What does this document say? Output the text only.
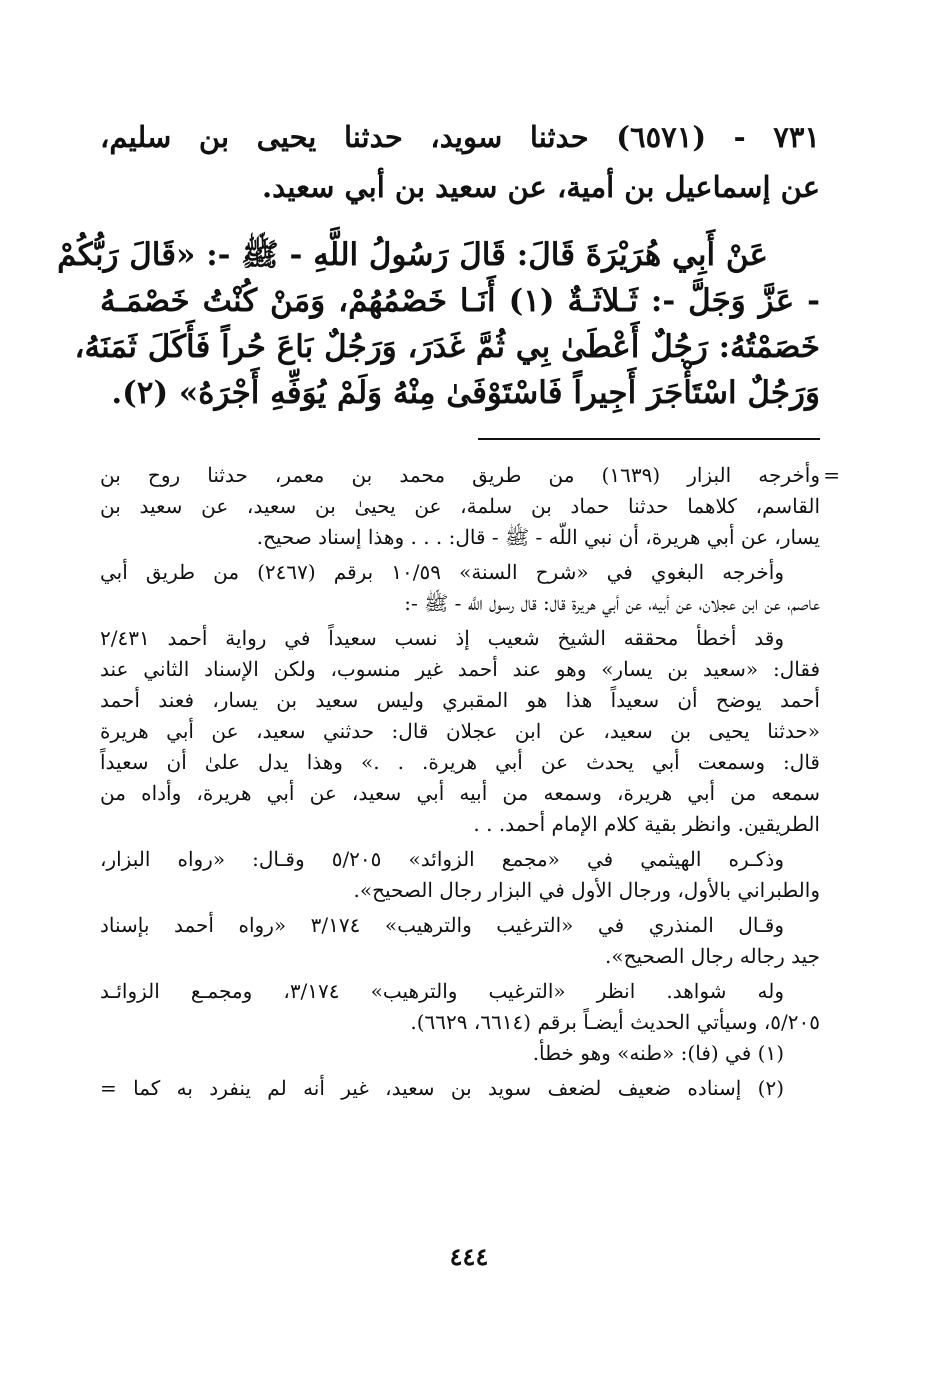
٧٣١ - (٦٥٧١) حدثنا سويد، حدثنا يحيى بن سليم،
عن إسماعيل بن أمية، عن سعيد بن أبي سعيد.
عَنْ أَبِي هُرَيْرَةَ قَالَ: قَالَ رَسُولُ اللَّهِ - ﷺ -: «قَالَ رَبُّكُمْ
- عَزَّ وَجَلَّ -: ثَـلاثَـةٌ (١) أَنَـا خَصْمُهُمْ، وَمَنْ كُنْتُ خَصْمَـهُ
خَصَمْتُهُ: رَجُلٌ أَعْطَىٰ بِي ثُمَّ غَدَرَ، وَرَجُلٌ بَاعَ حُراً فَأَكَلَ ثَمَنَهُ،
وَرَجُلٌ اسْتَأْجَرَ أَجِيراً فَاسْتَوْفَىٰ مِنْهُ وَلَمْ يُوَفِّهِ أَجْرَهُ» (٢).
=
وأخرجه البزار (١٦٣٩) من طريق محمد بن معمر، حدثنا روح بن
القاسم، كلاهما حدثنا حماد بن سلمة، عن يحيىٰ بن سعيد، عن سعيد بن
يسار، عن أبي هريرة، أن نبي اللَّه - ﷺ - قال: . . . وهذا إسناد صحيح.
وأخرجه البغوي في «شرح السنة» ١٠/٥٩ برقم (٢٤٦٧) من طريق أبي
عاصم، عن ابن عجلان، عن أبيه، عن أبي هريرة قال: قال رسول اللَّه - ﷺ -:
وقد أخطأ محققه الشيخ شعيب إذ نسب سعيداً في رواية أحمد ٢/٤٣١
فقال: «سعيد بن يسار» وهو عند أحمد غير منسوب، ولكن الإسناد الثاني عند
أحمد يوضح أن سعيداً هذا هو المقبري وليس سعيد بن يسار، فعند أحمد
«حدثنا يحيى بن سعيد، عن ابن عجلان قال: حدثني سعيد، عن أبي هريرة
قال: وسمعت أبي يحدث عن أبي هريرة. . .» وهذا يدل علىٰ أن سعيداً
سمعه من أبي هريرة، وسمعه من أبيه أبي سعيد، عن أبي هريرة، وأداه من
الطريقين. وانظر بقية كلام الإمام أحمد. . .
وذكـره الهيثمي في «مجمع الزوائد» ٥/٢٠٥ وقـال: «رواه البزار،
والطبراني بالأول، ورجال الأول في البزار رجال الصحيح».
وقـال المنذري في «الترغيب والترهيب» ٣/١٧٤ «رواه أحمد بإسناد
جيد رجاله رجال الصحيح».
وله شواهد. انظر «الترغيب والترهيب» ٣/١٧٤، ومجمـع الزوائـد
٥/٢٠٥، وسيأتي الحديث أيضـاً برقم (٦٦١٤، ٦٦٢٩).
(١) في (فا): «طنه» وهو خطأ.
(٢) إسناده ضعيف لضعف سويد بن سعيد، غير أنه لم ينفرد به كما =
٤٤٤
